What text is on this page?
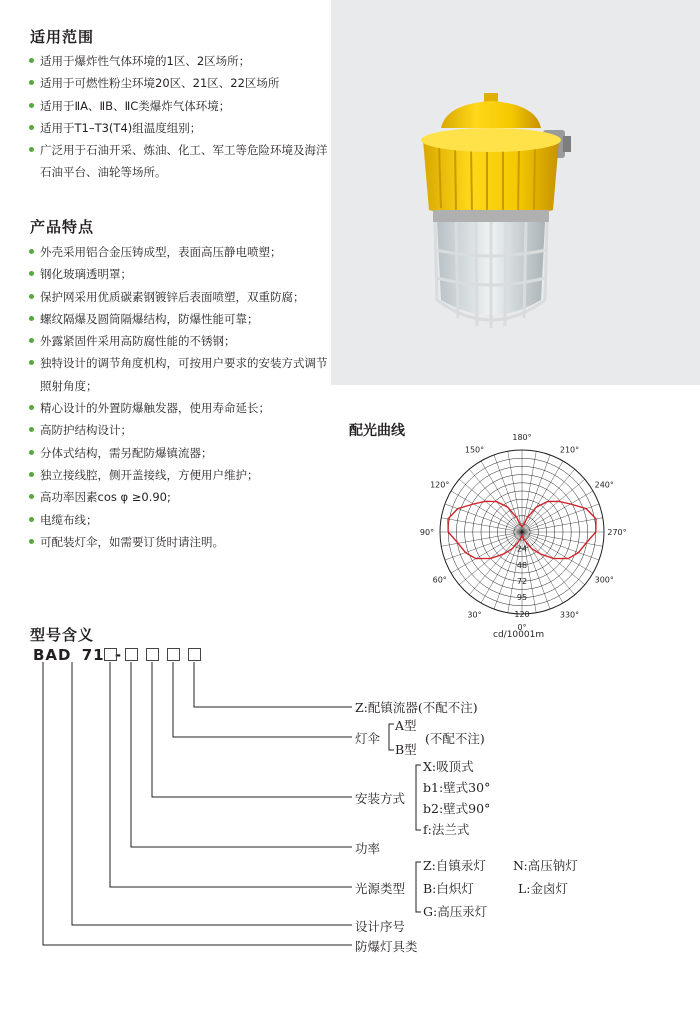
适用范围
适用于爆炸性气体环境的1区、2区场所；
适用于可燃性粉尘环境20区、21区、22区场所
适用于ⅡA、ⅡB、ⅡC类爆炸气体环境；
适用于T1–T3(T4)组温度组别；
广泛用于石油开采、炼油、化工、军工等危险环境及海洋石油平台、油轮等场所。
产品特点
外壳采用铝合金压铸成型，表面高压静电喷塑；
钢化玻璃透明罩；
保护网采用优质碳素钢镀锌后表面喷塑，双重防腐；
螺纹隔爆及圆筒隔爆结构，防爆性能可靠；
外露紧固件采用高防腐性能的不锈钢；
独特设计的调节角度机构，可按用户要求的安装方式调节照射角度；
精心设计的外置防爆触发器，使用寿命延长；
高防护结构设计；
分体式结构，需另配防爆镇流器；
独立接线腔，侧开盖接线，方便用户维护；
高功率因素cos φ ≥0.90;
电缆布线；
可配装灯伞，如需要订货时请注明。
配光曲线	180°
150°
120°
90°
60°
30°
0°
330°
300°
270°
240°
210°
24
48
72
95
120
cd/10001m
型号含义
BAD 71 -
Z:配镇流器(不配不注)
灯伞
A型
B型
(不配不注)
安装方式
X:吸顶式
b1:壁式30°
b2:壁式90°
f:法兰式
功率
光源类型
Z:自镇汞灯 N:高压钠灯
B:白炽灯	L:金卤灯
G:高压汞灯
设计序号
防爆灯具类
